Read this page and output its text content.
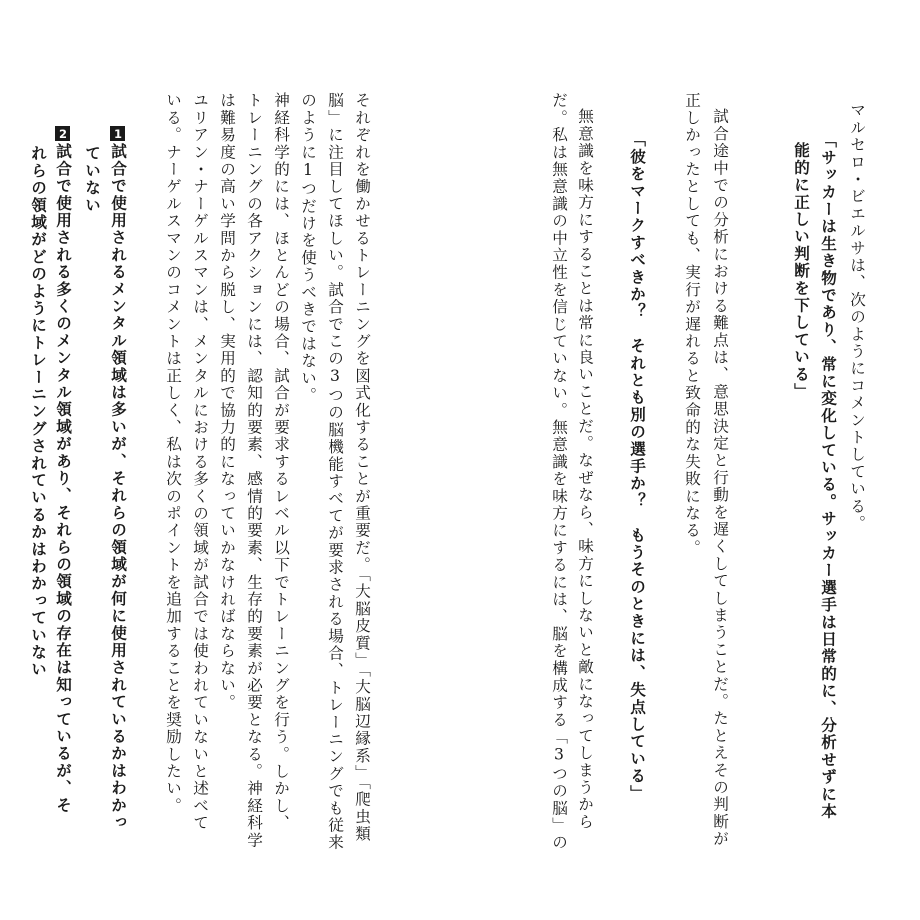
マルセロ・ビエルサは、次のようにコメントしている。
「サッカーは生き物であり、常に変化している。サッカー選手は日常的に、分析せずに本
能的に正しい判断を下している」
試合途中での分析における難点は、意思決定と行動を遅くしてしまうことだ。たとえその判断が
正しかったとしても、実行が遅れると致命的な失敗になる。
「彼をマークすべきか？　それとも別の選手か？　もうそのときには、失点している」
無意識を味方にすることは常に良いことだ。なぜなら、味方にしないと敵になってしまうから
だ。私は無意識の中立性を信じていない。無意識を味方にするには、脳を構成する「3つの脳」の
それぞれを働かせるトレーニングを図式化することが重要だ。「大脳皮質」「大脳辺縁系」「爬虫類
脳」に注目してほしい。試合でこの3つの脳機能すべてが要求される場合、トレーニングでも従来
のように1つだけを使うべきではない。
神経科学的には、ほとんどの場合、試合が要求するレベル以下でトレーニングを行う。しかし、
トレーニングの各アクションには、認知的要素、感情的要素、生存的要素が必要となる。神経科学
は難易度の高い学問から脱し、実用的で協力的になっていかなければならない。
ユリアン・ナーゲルスマンは、メンタルにおける多くの領域が試合では使われていないと述べて
いる。ナーゲルスマンのコメントは正しく、私は次のポイントを追加することを奨励したい。
1試合で使用されるメンタル領域は多いが、それらの領域が何に使用されているかはわかっ
ていない
2試合で使用される多くのメンタル領域があり、それらの領域の存在は知っているが、そ
れらの領域がどのようにトレーニングされているかはわかっていない
